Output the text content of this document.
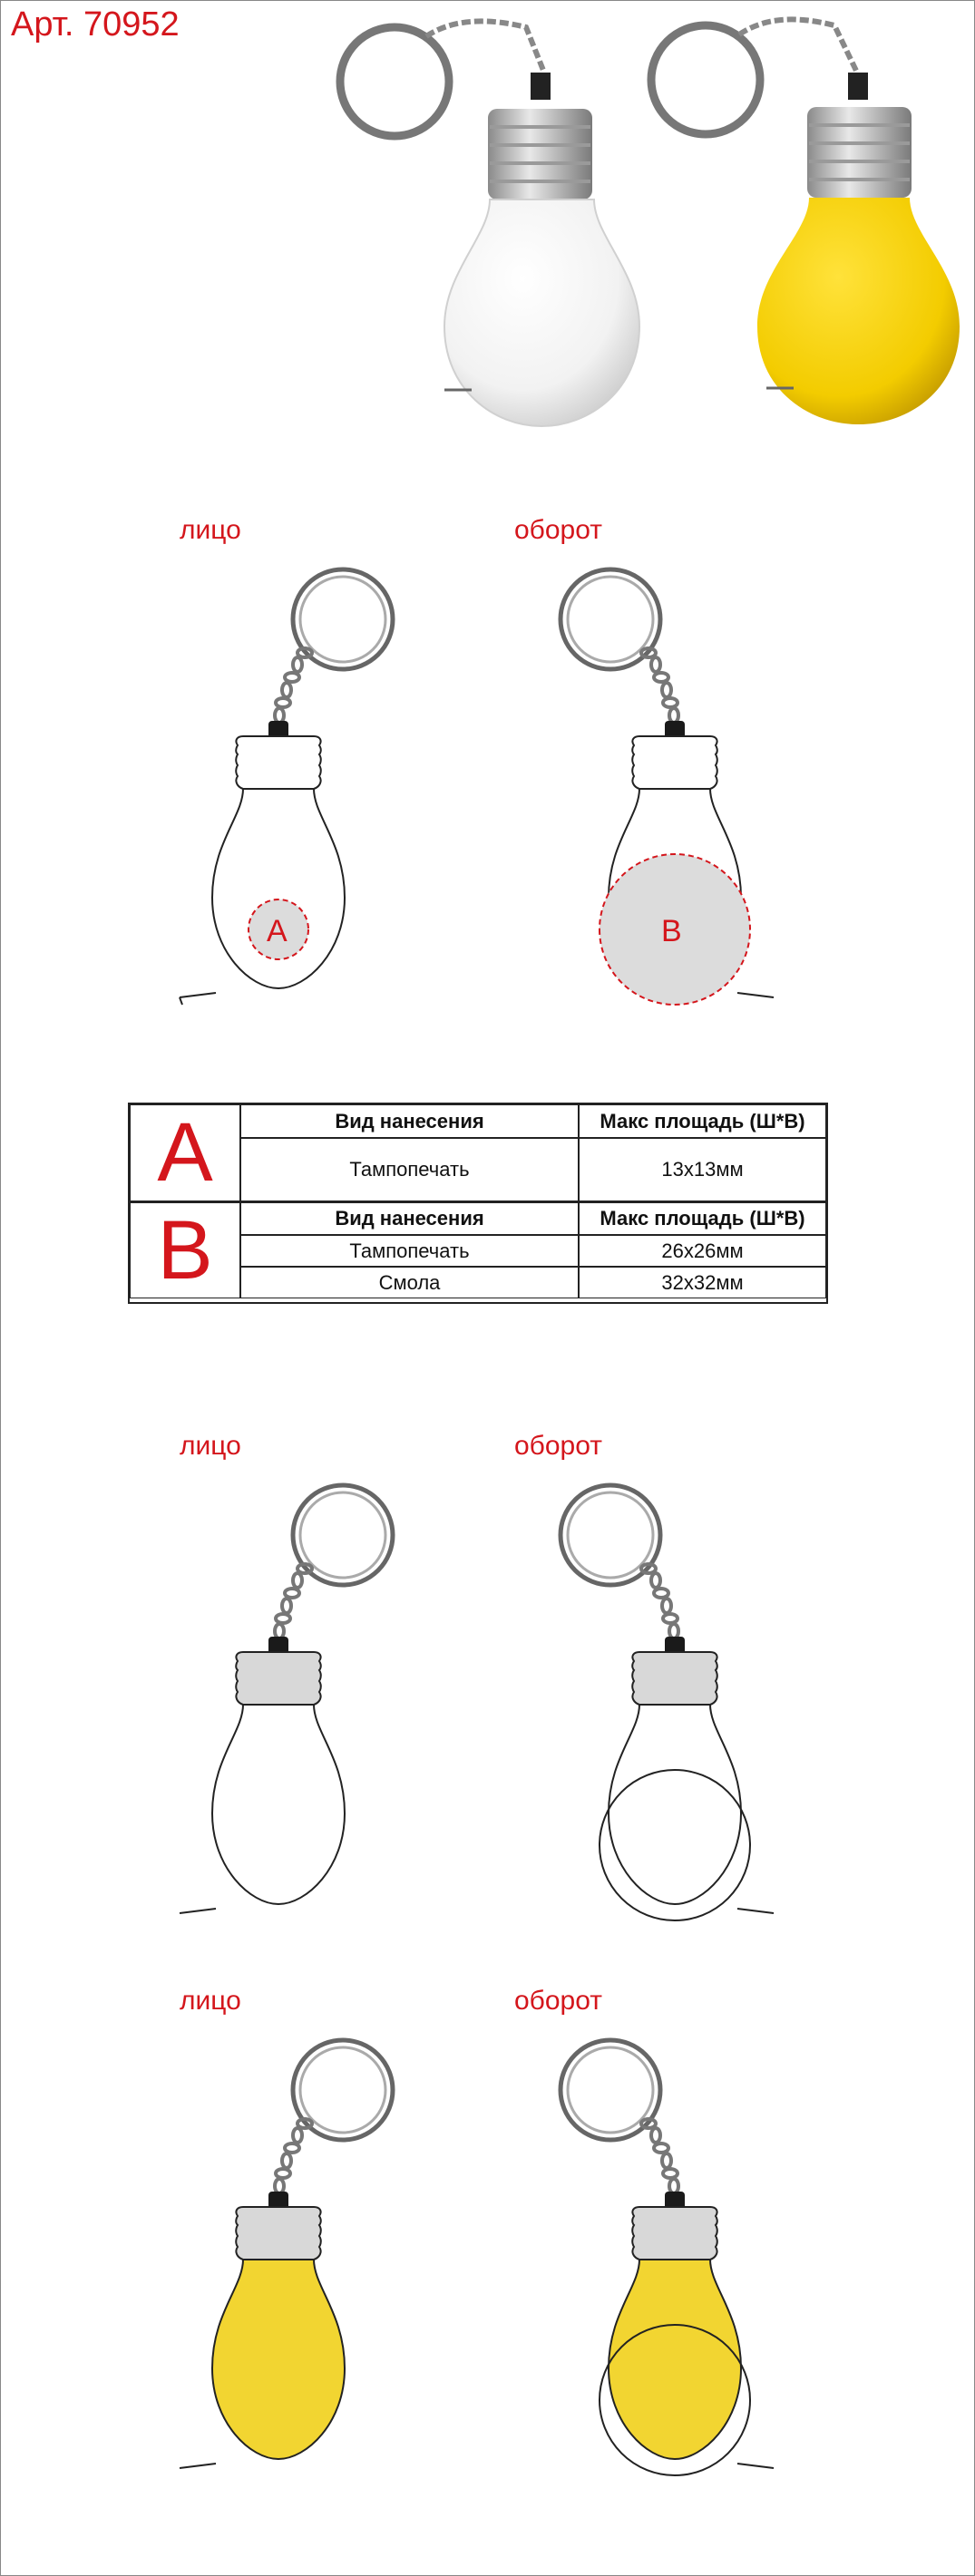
Арт. 70952
лицо	оборот
A	B
A	Вид нанесения	Макс площадь (Ш*В)
Тампопечать	13x13мм
B	Вид нанесения	Макс площадь (Ш*В)
Тампопечать	26x26мм
Смола	32x32мм
лицо	оборот
лицо	оборот
